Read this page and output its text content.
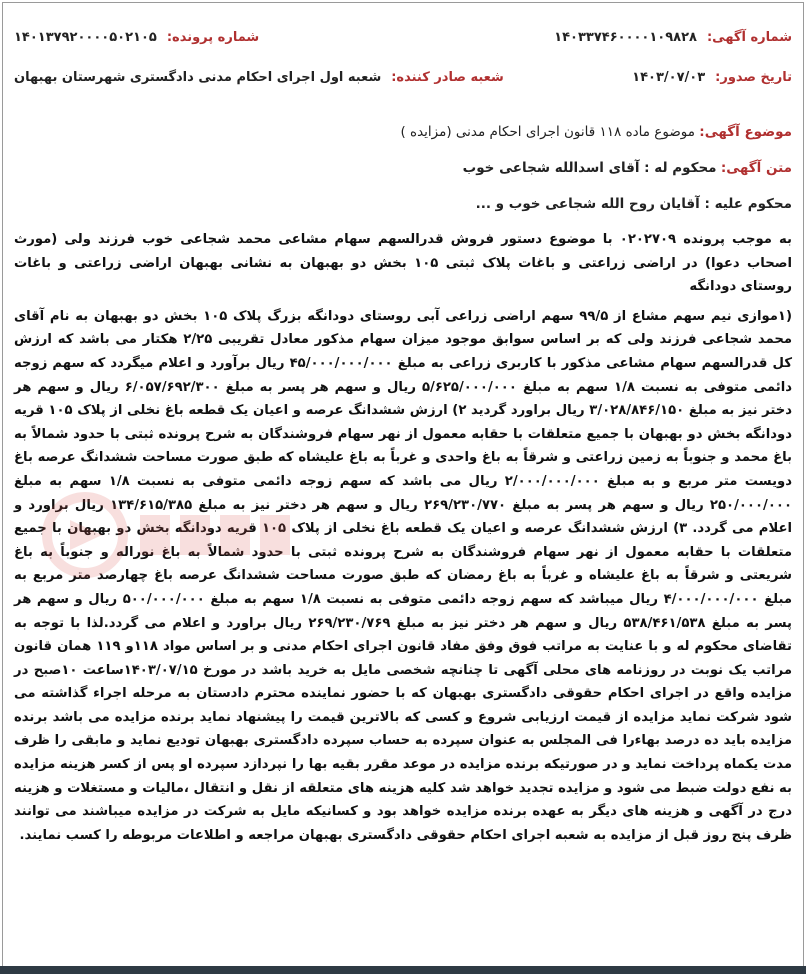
شماره آگهی:
۱۴۰۳۳۷۴۶۰۰۰۰۱۰۹۸۲۸
شماره پرونده:
۱۴۰۱۳۷۹۲۰۰۰۰۵۰۲۱۰۵
تاریخ صدور:
۱۴۰۳/۰۷/۰۳
شعبه صادر کننده:
شعبه اول اجرای احکام مدنی دادگستری شهرستان بهبهان
موضوع آگهی: موضوع ماده ۱۱۸ قانون اجرای احکام مدنی (مزایده )
متن آگهی: محکوم له : آقای اسدالله شجاعی خوب
محکوم علیه : آقایان روح الله شجاعی خوب و ...

به موجب پرونده ۰۲۰۲۷۰۹ با موضوع دستور فروش قدرالسهم سهام مشاعی محمد شجاعی خوب فرزند ولی (مورث اصحاب دعوا) در اراضی زراعتی و باغات پلاک ثبتی ۱۰۵ بخش دو بهبهان به نشانی بهبهان اراضی زراعتی و باغات روستای دودانگه

(۱موازی نیم سهم مشاع از ۹۹/۵ سهم اراضی زراعی آبی روستای دودانگه بزرگ پلاک ۱۰۵ بخش دو بهبهان به نام آقای محمد شجاعی فرزند ولی که بر اساس سوابق موجود میزان سهام مذکور معادل تقریبی ۲/۲۵ هکتار می باشد که ارزش کل قدرالسهم سهام مشاعی مذکور با کاربری زراعی به مبلغ ۴۵/۰۰۰/۰۰۰/۰۰۰ ریال برآورد و اعلام میگردد که سهم زوجه دائمی متوفی به نسبت ۱/۸ سهم به مبلغ ۵/۶۲۵/۰۰۰/۰۰۰ ریال و سهم هر پسر به مبلغ ۶/۰۵۷/۶۹۲/۳۰۰ ریال و سهم هر دختر نیز به مبلغ ۳/۰۲۸/۸۴۶/۱۵۰ ریال براورد گردید ۲) ارزش ششدانگ عرصه و اعیان یک قطعه باغ نخلی از پلاک ۱۰۵ قریه دودانگه بخش دو بهبهان با جمیع متعلقات با حقابه معمول از نهر سهام فروشندگان به شرح پرونده ثبتی با حدود شمالاً به باغ محمد و جنوباً به زمین زراعتی و شرقاً به باغ واحدی و غرباً به باغ علیشاه که طبق صورت مساحت ششدانگ عرصه باغ دویست متر مربع و به مبلغ ۲/۰۰۰/۰۰۰/۰۰۰ ریال می باشد که سهم زوجه دائمی متوفی به نسبت ۱/۸ سهم به مبلغ ۲۵۰/۰۰۰/۰۰۰ ریال و سهم هر پسر به مبلغ ۲۶۹/۲۳۰/۷۷۰ ریال و سهم هر دختر نیز به مبلغ ۱۳۴/۶۱۵/۳۸۵ ریال براورد و اعلام می گردد. ۳) ارزش ششدانگ عرصه و اعیان یک قطعه باغ نخلی از پلاک ۱۰۵ قریه دودانگه بخش دو بهبهان با جمیع متعلقات با حقابه معمول از نهر سهام فروشندگان به شرح پرونده ثبتی با حدود شمالاً به باغ نوراله و جنوباً به باغ شریعتی و شرقاً به باغ علیشاه و غرباً به باغ رمضان که طبق صورت مساحت ششدانگ عرصه باغ چهارصد متر مربع به مبلغ ۴/۰۰۰/۰۰۰/۰۰۰ ریال میباشد که سهم زوجه دائمی متوفی به نسبت ۱/۸ سهم به مبلغ ۵۰۰/۰۰۰/۰۰۰ ریال و سهم هر پسر به مبلغ ۵۳۸/۴۶۱/۵۳۸ ریال و سهم هر دختر نیز به مبلغ ۲۶۹/۲۳۰/۷۶۹ ریال براورد و اعلام می گردد.لذا با توجه به تقاضای محکوم له و با عنایت به مراتب فوق وفق مفاد قانون اجرای احکام مدنی و بر اساس مواد ۱۱۸و ۱۱۹ همان قانون مراتب یک نوبت در روزنامه های محلی آگهی تا چنانچه شخصی مایل به خرید باشد در مورخ ۱۴۰۳/۰۷/۱۵ساعت ۱۰صبح در مزایده واقع در اجرای احکام حقوقی دادگستری بهبهان که با حضور نماینده محترم دادستان به مرحله اجراء گذاشته می شود شرکت نماید مزایده از قیمت ارزیابی شروع و کسی که بالاترین قیمت را پیشنهاد نماید برنده مزایده می باشد برنده مزایده باید ده درصد بهاءرا فی المجلس به عنوان سپرده به حساب سپرده دادگستری بهبهان تودیع نماید و مابقی را ظرف مدت یکماه پرداخت نماید و در صورتیکه برنده مزایده در موعد مقرر بقیه بها را نپردازد سپرده او پس از کسر هزینه مزایده به نفع دولت ضبط می شود و مزایده تجدید خواهد شد کلیه هزینه های متعلقه از نقل و انتقال ،مالیات و مستغلات و هزینه درج در آگهی و هزینه های دیگر به عهده برنده مزایده خواهد بود و کسانیکه مایل به شرکت در مزایده میباشند می توانند ظرف پنج روز قبل از مزایده به شعبه اجرای احکام حقوقی دادگستری بهبهان مراجعه و اطلاعات مربوطه را کسب نمایند.
